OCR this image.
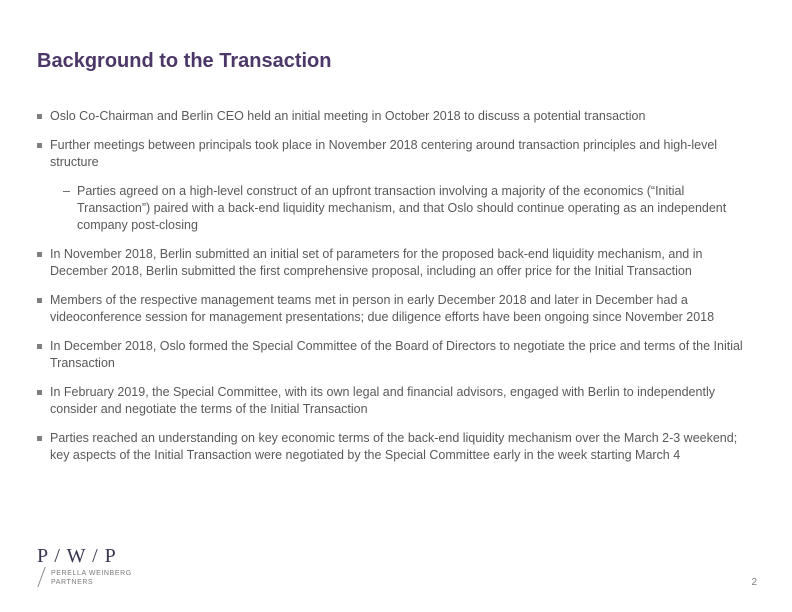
Background to the Transaction
Oslo Co-Chairman and Berlin CEO held an initial meeting in October 2018 to discuss a potential transaction
Further meetings between principals took place in November 2018 centering around transaction principles and high-level structure
– Parties agreed on a high-level construct of an upfront transaction involving a majority of the economics (“Initial Transaction”) paired with a back-end liquidity mechanism, and that Oslo should continue operating as an independent company post-closing
In November 2018, Berlin submitted an initial set of parameters for the proposed back-end liquidity mechanism, and in December 2018, Berlin submitted the first comprehensive proposal, including an offer price for the Initial Transaction
Members of the respective management teams met in person in early December 2018 and later in December had a videoconference session for management presentations; due diligence efforts have been ongoing since November 2018
In December 2018, Oslo formed the Special Committee of the Board of Directors to negotiate the price and terms of the Initial Transaction
In February 2019, the Special Committee, with its own legal and financial advisors, engaged with Berlin to independently consider and negotiate the terms of the Initial Transaction
Parties reached an understanding on key economic terms of the back-end liquidity mechanism over the March 2-3 weekend; key aspects of the Initial Transaction were negotiated by the Special Committee early in the week starting March 4
P / W / P
PERELLA WEINBERG
PARTNERS	2
